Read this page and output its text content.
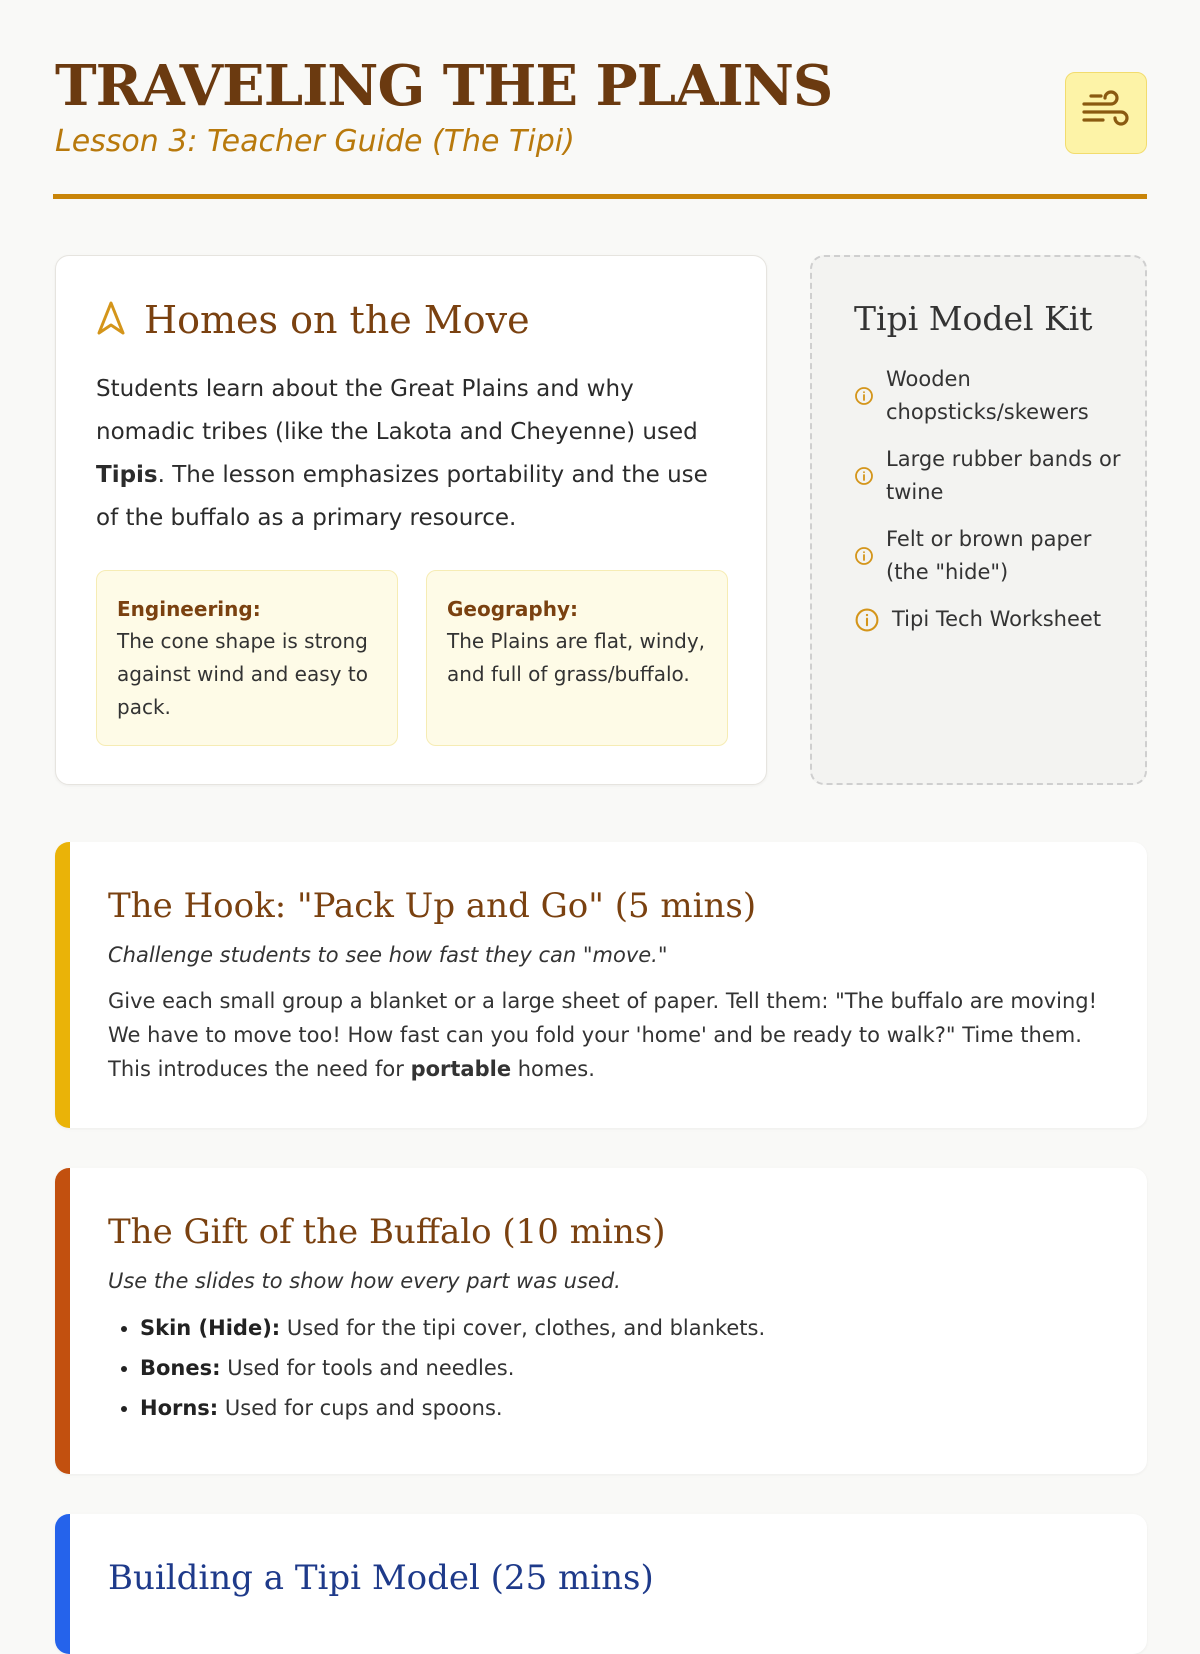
TRAVELING THE PLAINS
Lesson 3: Teacher Guide (The Tipi)
Homes on the Move
Students learn about the Great Plains and why nomadic tribes (like the Lakota and Cheyenne) used Tipis. The lesson emphasizes portability and the use of the buffalo as a primary resource.
Engineering:
The cone shape is strong against wind and easy to pack.
Geography:
The Plains are flat, windy, and full of grass/buffalo.
Tipi Model Kit
Wooden chopsticks/skewers
Large rubber bands or twine
Felt or brown paper (the "hide")
Tipi Tech Worksheet
The Hook: "Pack Up and Go" (5 mins)
Challenge students to see how fast they can "move."
Give each small group a blanket or a large sheet of paper. Tell them: "The buffalo are moving! We have to move too! How fast can you fold your 'home' and be ready to walk?" Time them. This introduces the need for portable homes.
The Gift of the Buffalo (10 mins)
Use the slides to show how every part was used.
• Skin (Hide): Used for the tipi cover, clothes, and blankets.
• Bones: Used for tools and needles.
• Horns: Used for cups and spoons.
Building a Tipi Model (25 mins)
